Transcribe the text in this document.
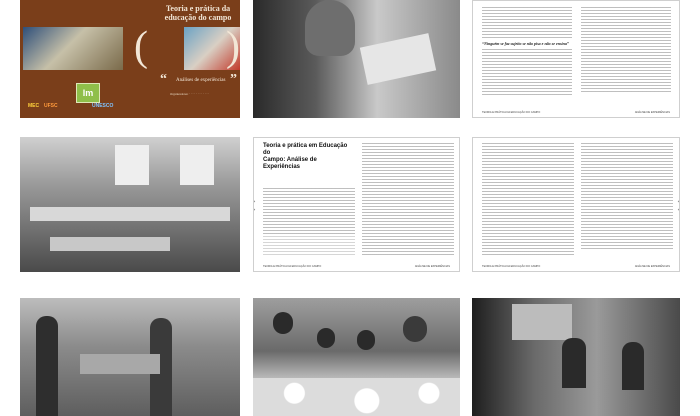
( )
Teoria e prática da
educação do campo
“ Análises de experiências ”
lm	Organizadores: · · · · · · · · · · · ·
MEC UFSC	UNESCO
“Ninguém se faz sujeito se não pisa e não se ensina”
TEORIA E PRÁTICA DA EDUCAÇÃO DO CAMPO	ANÁLISE DE EXPERIÊNCIAS
Teoria e prática em Educação do
Campo: Análise de Experiências
TEORIA E PRÁTICA DA EDUCAÇÃO DO CAMPO	ANÁLISE DE EXPERIÊNCIAS	TEORIA E PRÁTICA DA EDUCAÇÃO DO CAMPO	ANÁLISE DE EXPERIÊNCIAS
